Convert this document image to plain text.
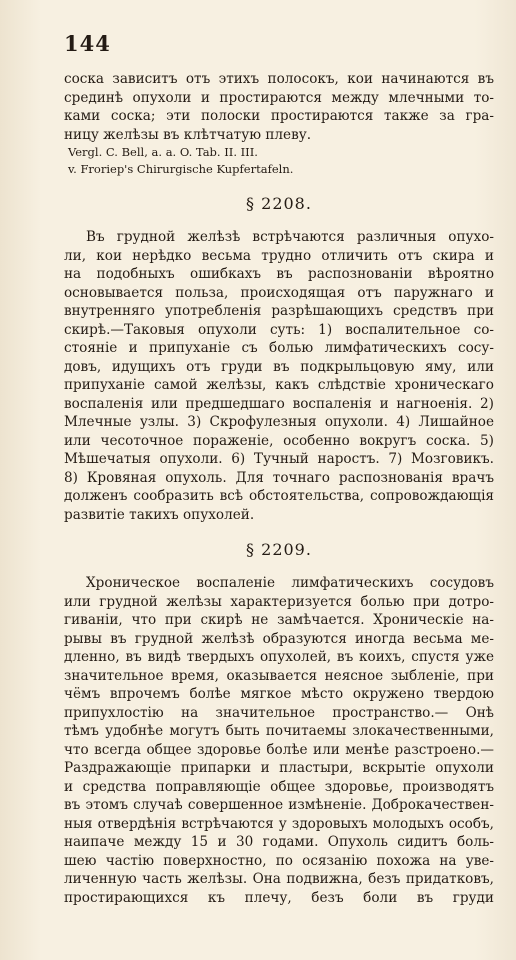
144
соска зависитъ отъ этихъ полосокъ, кои начинаются въ
срединѣ опухоли и простираются между млечными то-
ками соска; эти полоски простираются также за гра-
ницу желѣзы въ клѣтчатую плеву.
Vergl. C. Bell, a. a. O. Tab. II. III.
v. Froriep's Chirurgische Kupfertafeln.
§ 2208.
Въ грудной желѣзѣ встрѣчаются различныя опухо-
ли, кои нерѣдко весьма трудно отличить отъ скира и
на подобныхъ ошибкахъ въ распознованіи вѣроятно
основывается польза, происходящая отъ паружнаго и
внутренняго употребленія разрѣшающихъ средствъ при
скирѣ.—Таковыя опухоли суть: 1) воспалительное со-
стояніе и припуханіе съ болью лимфатическихъ сосу-
довъ, идущихъ отъ груди въ подкрыльцовую яму, или
припуханіе самой желѣзы, какъ слѣдствіе хроническаго
воспаленія или предшедшаго воспаленія и нагноенія. 2)
Млечные узлы. 3) Скрофулезныя опухоли. 4) Лишайное
или чесоточное пораженіе, особенно вокругъ соска. 5)
Мѣшечатыя опухоли. 6) Тучный наростъ. 7) Мозговикъ.
8) Кровяная опухоль. Для точнаго распознованія врачъ
долженъ сообразить всѣ обстоятельства, сопровождающія
развитіе такихъ опухолей.
§ 2209.
Хроническое воспаленіе лимфатическихъ сосудовъ
или грудной желѣзы характеризуется болью при дотро-
гиваніи, что при скирѣ не замѣчается. Хроническіе на-
рывы въ грудной желѣзѣ образуются иногда весьма ме-
дленно, въ видѣ твердыхъ опухолей, въ коихъ, спустя уже
значительное время, оказывается неясное зыбленіе, при
чёмъ впрочемъ болѣе мягкое мѣсто окружено твердою
припухлостію на значительное пространство.— Онѣ
тѣмъ удобнѣе могутъ быть почитаемы злокачественными,
что всегда общее здоровье болѣе или менѣе разстроено.—
Раздражающіе припарки и пластыри, вскрытіе опухоли
и средства поправляющіе общее здоровье, производятъ
въ этомъ случаѣ совершенное измѣненіе. Доброкачествен-
ныя отвердѣнія встрѣчаются у здоровыхъ молодыхъ особъ,
наипаче между 15 и 30 годами. Опухоль сидитъ боль-
шею частію поверхностно, по осязанію похожа на уве-
личенную часть желѣзы. Она подвижна, безъ придатковъ,
простирающихся къ плечу, безъ боли въ груди
